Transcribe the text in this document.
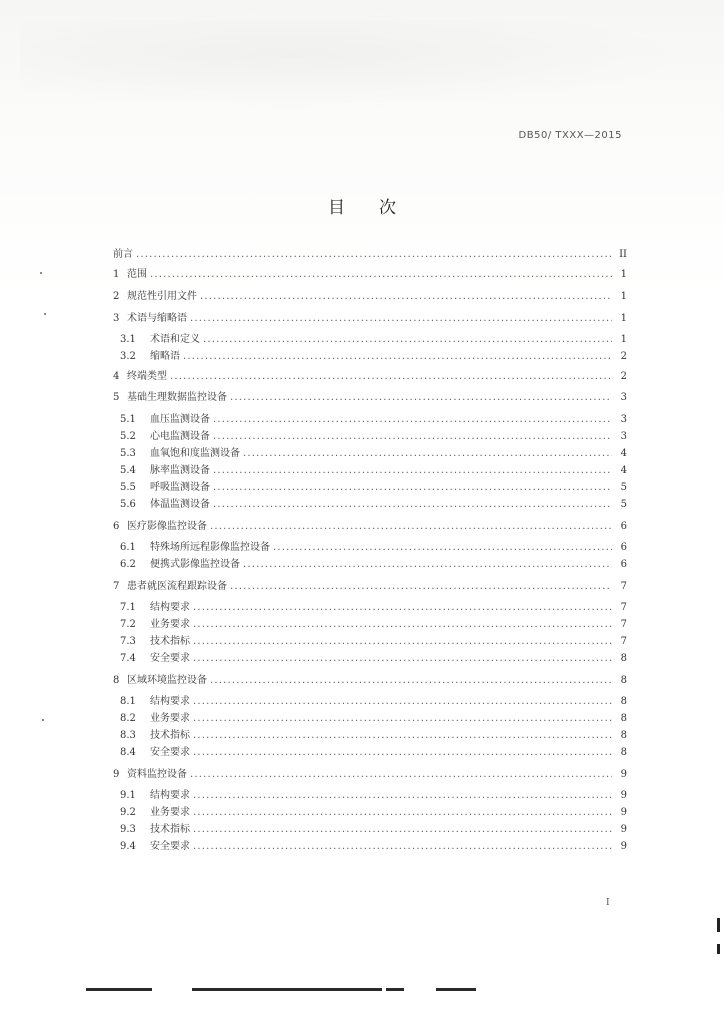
DB50/ TXXX—2015
目 次
前言 .....	II
1 范围 .....	1
2 规范性引用文件 .....	1
3 术语与缩略语 .....	1
3.1	术语和定义 .....	1
3.2	缩略语 .....	2
4 终端类型 .....	2
5 基础生理数据监控设备 .....	3
5.1	血压监测设备 .....	3
5.2	心电监测设备 .....	3
5.3	血氧饱和度监测设备 .....	4
5.4	脉率监测设备 .....	4
5.5	呼吸监测设备 .....	5
5.6	体温监测设备 .....	5
6 医疗影像监控设备 .....	6
6.1	特殊场所远程影像监控设备 .....	6
6.2	便携式影像监控设备 .....	6
7 患者就医流程跟踪设备 .....	7
7.1	结构要求 .....	7
7.2	业务要求 .....	7
7.3	技术指标 .....	7
7.4	安全要求 .....	8
8 区域环境监控设备 .....	8
8.1	结构要求 .....	8
8.2	业务要求 .....	8
8.3	技术指标 .....	8
8.4	安全要求 .....	8
9 资料监控设备 .....	9
9.1	结构要求 .....	9
9.2	业务要求 .....	9
9.3	技术指标 .....	9
9.4	安全要求 .....	9
I
